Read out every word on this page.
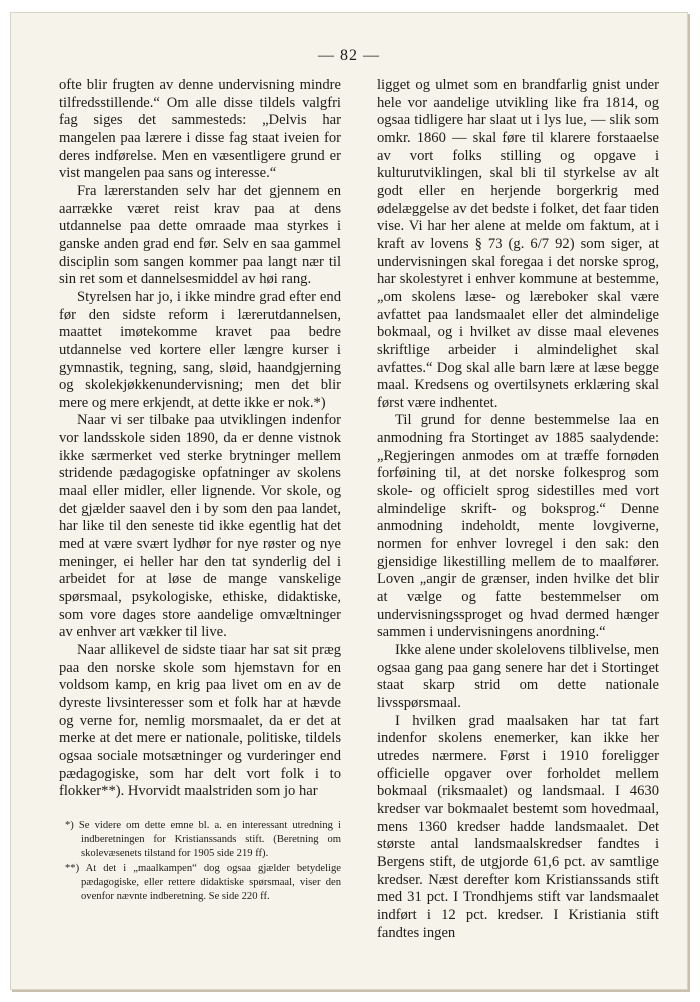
— 82 —

ofte blir frugten av denne undervisning mindre tilfredsstillende.“ Om alle disse tildels valgfri fag siges det sammesteds: „Delvis har mangelen paa lærere i disse fag staat iveien for deres indførelse. Men en væsentligere grund er vist mangelen paa sans og interesse.“

Fra lærerstanden selv har det gjennem en aarrække været reist krav paa at dens utdannelse paa dette omraade maa styrkes i ganske anden grad end før. Selv en saa gammel disciplin som sangen kommer paa langt nær til sin ret som et dannelsesmiddel av høi rang.

Styrelsen har jo, i ikke mindre grad efter end før den sidste reform i lærerutdannelsen, maattet imøtekomme kravet paa bedre utdannelse ved kortere eller længre kurser i gymnastik, tegning, sang, sløid, haandgjerning og skolekjøkkenundervisning; men det blir mere og mere erkjendt, at dette ikke er nok.*)

Naar vi ser tilbake paa utviklingen indenfor vor landsskole siden 1890, da er denne vistnok ikke særmerket ved sterke brytninger mellem stridende pædagogiske opfatninger av skolens maal eller midler, eller lignende. Vor skole, og det gjælder saavel den i by som den paa landet, har like til den seneste tid ikke egentlig hat det med at være svært lydhør for nye røster og nye meninger, ei heller har den tat synderlig del i arbeidet for at løse de mange vanskelige spørsmaal, psykologiske, ethiske, didaktiske, som vore dages store aandelige omvæltninger av enhver art vækker til live.

Naar allikevel de sidste tiaar har sat sit præg paa den norske skole som hjemstavn for en voldsom kamp, en krig paa livet om en av de dyreste livsinteresser som et folk har at hævde og verne for, nemlig morsmaalet, da er det at merke at det mere er nationale, politiske, tildels ogsaa sociale motsætninger og vurderinger end pædagogiske, som har delt vort folk i to flokker**). Hvorvidt maalstriden som jo har

*) Se videre om dette emne bl. a. en interessant utredning i indberetningen for Kristianssands stift. (Beretning om skolevæsenets tilstand for 1905 side 219 ff).

**) At det i „maalkampen“ dog ogsaa gjælder betydelige pædagogiske, eller rettere didaktiske spørsmaal, viser den ovenfor nævnte indberetning. Se side 220 ff.

ligget og ulmet som en brandfarlig gnist under hele vor aandelige utvikling like fra 1814, og ogsaa tidligere har slaat ut i lys lue, — slik som omkr. 1860 — skal føre til klarere forstaaelse av vort folks stilling og opgave i kulturutviklingen, skal bli til styrkelse av alt godt eller en herjende borgerkrig med ødelæggelse av det bedste i folket, det faar tiden vise. Vi har her alene at melde om faktum, at i kraft av lovens § 73 (g. 6/7 92) som siger, at undervisningen skal foregaa i det norske sprog, har skolestyret i enhver kommune at bestemme, „om skolens læse- og læreboker skal være avfattet paa landsmaalet eller det almindelige bokmaal, og i hvilket av disse maal elevenes skriftlige arbeider i almindelighet skal avfattes.“ Dog skal alle barn lære at læse begge maal. Kredsens og overtilsynets erklæring skal først være indhentet.

Til grund for denne bestemmelse laa en anmodning fra Stortinget av 1885 saalydende: „Regjeringen anmodes om at træffe fornøden forføining til, at det norske folkesprog som skole- og officielt sprog sidestilles med vort almindelige skrift- og boksprog.“ Denne anmodning indeholdt, mente lovgiverne, normen for enhver lovregel i den sak: den gjensidige likestilling mellem de to maalfører. Loven „angir de grænser, inden hvilke det blir at vælge og fatte bestemmelser om undervisningssproget og hvad dermed hænger sammen i undervisningens anordning.“

Ikke alene under skolelovens tilblivelse, men ogsaa gang paa gang senere har det i Stortinget staat skarp strid om dette nationale livsspørsmaal.

I hvilken grad maalsaken har tat fart indenfor skolens enemerker, kan ikke her utredes nærmere. Først i 1910 foreligger officielle opgaver over forholdet mellem bokmaal (riksmaalet) og landsmaal. I 4630 kredser var bokmaalet bestemt som hovedmaal, mens 1360 kredser hadde landsmaalet. Det største antal landsmaalskredser fandtes i Bergens stift, de utgjorde 61,6 pct. av samtlige kredser. Næst derefter kom Kristianssands stift med 31 pct. I Trondhjems stift var landsmaalet indført i 12 pct. kredser. I Kristiania stift fandtes ingen
